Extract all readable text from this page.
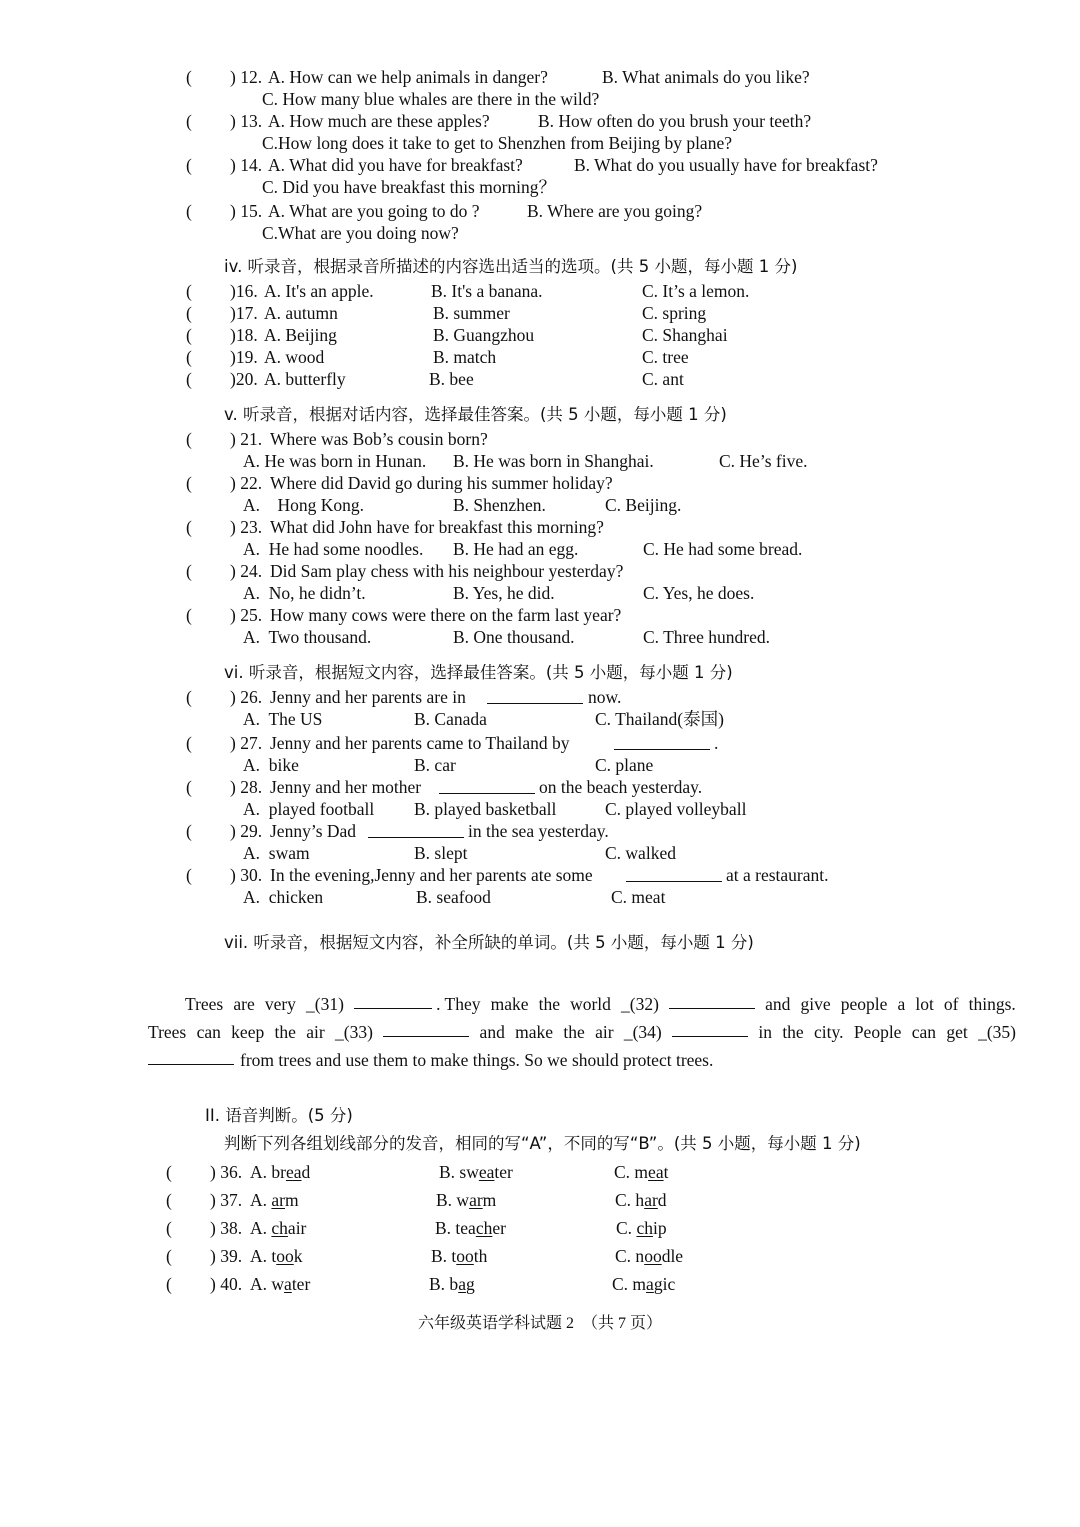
( ) 12. A. How can we help animals in danger?	B. What animals do you like?
C. How many blue whales are there in the wild?
( ) 13. A. How much are these apples?	B. How often do you brush your teeth?
C.How long does it take to get to Shenzhen from Beijing by plane?
( ) 14. A. What did you have for breakfast?	B. What do you usually have for breakfast?
C. Did you have breakfast this morning？
( ) 15. A. What are you going to do ?	B. Where are you going?
C.What are you doing now?
iv. 听录音，根据录音所描述的内容选出适当的选项。(共 5 小题，每小题 1 分)
( )16. A. It's an apple.	B. It's a banana.	C. It’s a lemon.
( )17. A. autumn	B. summer	C. spring
( )18. A. Beijing	B. Guangzhou	C. Shanghai
( )19. A. wood	B. match	C. tree
( )20. A. butterfly	B. bee	C. ant
v. 听录音，根据对话内容，选择最佳答案。(共 5 小题，每小题 1 分)
( ) 21. Where was Bob’s cousin born?
A. He was born in Hunan. B. He was born in Shanghai.	C. He’s five.
( ) 22. Where did David go during his summer holiday?
A.    Hong Kong.	B. Shenzhen.	C. Beijing.
( ) 23. What did John have for breakfast this morning?
A.  He had some noodles. B. He had an egg.	C. He had some bread.
( ) 24. Did Sam play chess with his neighbour yesterday?
A.  No, he didn’t.	B. Yes, he did.	C. Yes, he does.
( ) 25. How many cows were there on the farm last year?
A.  Two thousand.	B. One thousand.	C. Three hundred.
vi. 听录音，根据短文内容，选择最佳答案。(共 5 小题，每小题 1 分)
( ) 26. Jenny and her parents are in	now.
A.  The US	B. Canada	C. Thailand(泰国)
( ) 27. Jenny and her parents came to Thailand by	.
A.  bike	B. car	C. plane
( ) 28. Jenny and her mother	on the beach yesterday.
A.  played football B. played basketball	C. played volleyball
( ) 29. Jenny’s Dad	in the sea yesterday.
A.  swam	B. slept	C. walked
( ) 30. In the evening,Jenny and her parents ate some	at a restaurant.
A.  chicken	B. seafood	C. meat
vii. 听录音，根据短文内容，补全所缺的单词。(共 5 小题，每小题 1 分)
Trees are very _(31)	. They make the world _(32)	and give people a lot of things.
Trees can keep the air _(33)	and make the air _(34)	in the city. People can get _(35)
from trees and use them to make things. So we should protect trees.
II. 语音判断。(5 分)
判断下列各组划线部分的发音，相同的写“A”，不同的写“B”。(共 5 小题，每小题 1 分)
( ) 36. A. bread	B. sweater	C. meat
( ) 37. A. arm	B. warm	C. hard
( ) 38. A. chair	B. teacher	C. chip
( ) 39. A. took	B. tooth	C. noodle
( ) 40. A. water	B. bag	C. magic
六年级英语学科试题 2  （共 7 页）
